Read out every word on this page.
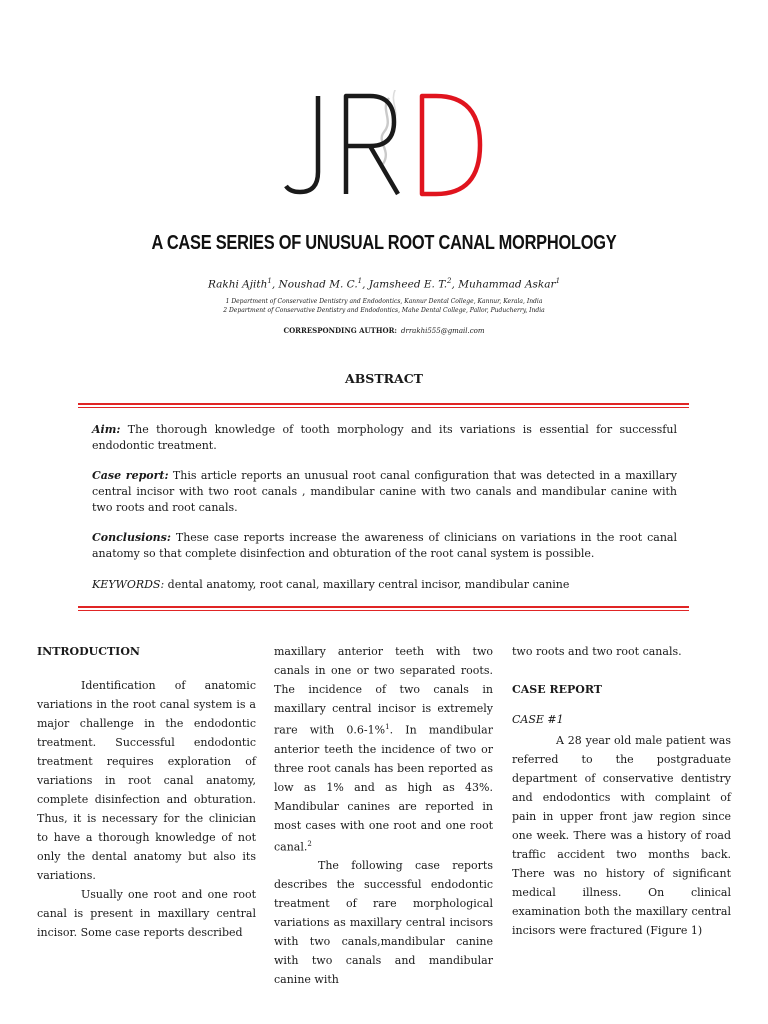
A CASE SERIES OF UNUSUAL ROOT CANAL MORPHOLOGY
Rakhi Ajith$^1$, Noushad M. C.$^1$, Jamsheed E. T.$^2$, Muhammad Askar$^1$
1 Department of Conservative Dentistry and Endodontics, Kannur Dental College, Kannur, Kerala, India
2 Department of Conservative Dentistry and Endodontics, Mahe Dental College, Pallor, Puducherry, India
CORRESPONDING AUTHOR: drrakhi555@gmail.com
ABSTRACT
Aim: The thorough knowledge of tooth morphology and its variations is essential for successful endodontic treatment.
Case report: This article reports an unusual root canal configuration that was detected in a maxillary central incisor with two root canals , mandibular canine with two canals and mandibular canine with two roots and root canals.
Conclusions: These case reports increase the awareness of clinicians on variations in the root canal anatomy so that complete disinfection and obturation of the root canal system is possible.
KEYWORDS: dental anatomy, root canal, maxillary central incisor, mandibular canine
INTRODUCTION

Identification of anatomic variations in the root canal system is a major challenge in the endodontic treatment. Successful endodontic treatment requires exploration of variations in root canal anatomy, complete disinfection and obturation. Thus, it is necessary for the clinician to have a thorough knowledge of not only the dental anatomy but also its variations.

Usually one root and one root canal is present in maxillary central incisor. Some case reports described

maxillary anterior teeth with two canals in one or two separated roots. The incidence of two canals in maxillary central incisor is extremely rare with 0.6-1%$^1$. In mandibular anterior teeth the incidence of two or three root canals has been reported as low as 1% and as high as 43%. Mandibular canines are reported in most cases with one root and one root canal.$^2$

The following case reports describes the successful endodontic treatment of rare morphological variations as maxillary central incisors with two canals,mandibular canine with two canals and mandibular canine with

two roots and two root canals.

CASE REPORT
CASE #1

A 28 year old male patient was referred to the postgraduate department of conservative dentistry and endodontics with complaint of pain in upper front jaw region since one week. There was a history of road traffic accident two months back. There was no history of significant medical illness. On clinical examination both the maxillary central incisors were fractured (Figure 1)
